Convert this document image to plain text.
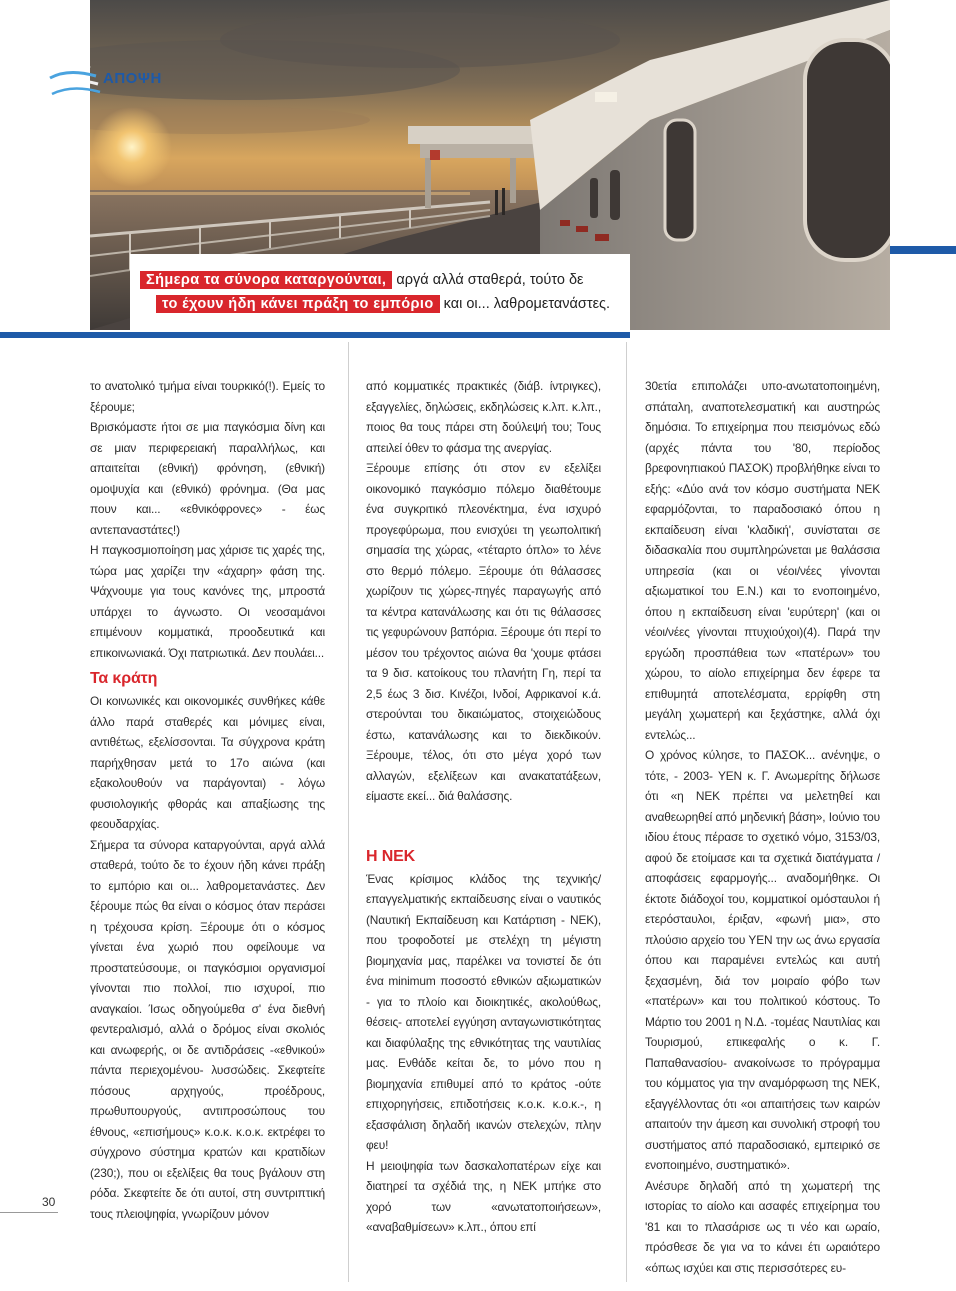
ΑΠΟΨΗ
Σήμερα τα σύνορα καταργούνται, αργά αλλά σταθερά, τούτο δε
το έχουν ήδη κάνει πράξη το εμπόριο και οι... λαθρομετανάστες.

το ανατολικό τμήμα είναι τουρκικό(!). Εμείς το ξέρουμε;

Βρισκόμαστε ήτοι σε μια παγκόσμια δίνη και σε μιαν περιφερειακή παραλλήλως, και απαιτείται (εθνική) φρόνηση, (εθνική) ομοψυχία και (εθνικό) φρόνημα. (Θα μας πουν και... «εθνικόφρονες» - έως αντεπαναστάτες!)

Η παγκοσμιοποίηση μας χάρισε τις χαρές της, τώρα μας χαρίζει την «άχαρη» φάση της. Ψάχνουμε για τους κανόνες της, μπροστά υπάρχει το άγνωστο. Οι νεοσαμάνοι επιμένουν κομματικά, προοδευτικά και επικοινωνιακά. Όχι πατριωτικά. Δεν πουλάει...

Τα κράτη

Οι κοινωνικές και οικονομικές συνθήκες κάθε άλλο παρά σταθερές και μόνιμες είναι, αντιθέτως, εξελίσσονται. Τα σύγχρονα κράτη παρήχθησαν μετά το 17ο αιώνα (και εξακολουθούν να παράγονται) - λόγω φυσιολογικής φθοράς και απαξίωσης της φεουδαρχίας.

Σήμερα τα σύνορα καταργούνται, αργά αλλά σταθερά, τούτο δε το έχουν ήδη κάνει πράξη το εμπόριο και οι... λαθρομετανάστες. Δεν ξέρουμε πώς θα είναι ο κόσμος όταν περάσει η τρέχουσα κρίση. Ξέρουμε ότι ο κόσμος γίνεται ένα χωριό που οφείλουμε να προστατεύσουμε, οι παγκόσμιοι οργανισμοί γίνονται πιο πολλοί, πιο ισχυροί, πιο αναγκαίοι. Ίσως οδηγούμεθα σ' ένα διεθνή φεντεραλισμό, αλλά ο δρόμος είναι σκολιός και ανωφερής, οι δε αντιδράσεις -«εθνικού» πάντα περιεχομένου- λυσσώδεις. Σκεφτείτε πόσους αρχηγούς, προέδρους, πρωθυπουργούς, αντιπροσώπους του έθνους, «επισήμους» κ.ο.κ. κ.ο.κ. εκτρέφει το σύγχρονο σύστημα κρατών και κρατιδίων (230;), που οι εξελίξεις θα τους βγάλουν στη ρόδα. Σκεφτείτε δε ότι αυτοί, στη συντριπτική τους πλειοψηφία, γνωρίζουν μόνον

από κομματικές πρακτικές (διάβ. ίντριγκες), εξαγγελίες, δηλώσεις, εκδηλώσεις κ.λπ. κ.λπ., ποιος θα τους πάρει στη δούλεψή του; Τους απειλεί όθεν το φάσμα της ανεργίας.

Ξέρουμε επίσης ότι στον εν εξελίξει οικονομικό παγκόσμιο πόλεμο διαθέτουμε ένα συγκριτικό πλεονέκτημα, ένα ισχυρό προγεφύρωμα, που ενισχύει τη γεωπολιτική σημασία της χώρας, «τέταρτο όπλο» το λένε στο θερμό πόλεμο. Ξέρουμε ότι θάλασσες χωρίζουν τις χώρες-πηγές παραγωγής από τα κέντρα κατανάλωσης και ότι τις θάλασσες τις γεφυρώνουν βαπόρια. Ξέρουμε ότι περί το μέσον του τρέχοντος αιώνα θα 'χουμε φτάσει τα 9 δισ. κατοίκους του πλανήτη Γη, περί τα 2,5 έως 3 δισ. Κινέζοι, Ινδοί, Αφρικανοί κ.ά. στερούνται του δικαιώματος, στοιχειώδους έστω, κατανάλωσης και το διεκδικούν. Ξέρουμε, τέλος, ότι στο μέγα χορό των αλλαγών, εξελίξεων και ανακατατάξεων, είμαστε εκεί... διά θαλάσσης.

Η ΝΕΚ

Ένας κρίσιμος κλάδος της τεχνικής/επαγγελματικής εκπαίδευσης είναι ο ναυτικός (Ναυτική Εκπαίδευση και Κατάρτιση - ΝΕΚ), που τροφοδοτεί με στελέχη τη μέγιστη βιομηχανία μας, παρέλκει να τονιστεί δε ότι ένα minimum ποσοστό εθνικών αξιωματικών - για το πλοίο και διοικητικές, ακολούθως, θέσεις- αποτελεί εγγύηση ανταγωνιστικότητας και διαφύλαξης της εθνικότητας της ναυτιλίας μας. Ενθάδε κείται δε, το μόνο που η βιομηχανία επιθυμεί από το κράτος -ούτε επιχορηγήσεις, επιδοτήσεις κ.ο.κ. κ.ο.κ.-, η εξασφάλιση δηλαδή ικανών στελεχών, πλην φευ!

Η μειοψηφία των δασκαλοπατέρων είχε και διατηρεί τα σχέδιά της, η ΝΕΚ μπήκε στο χορό των «ανωτατοποιήσεων», «αναβαθμίσεων» κ.λπ., όπου επί

30ετία επιπολάζει υπο-ανωτατοποιημένη, σπάταλη, αναποτελεσματική και αυστηρώς δημόσια. Το επιχείρημα που πεισμόνως εδώ (αρχές πάντα του '80, περίοδος βρεφονηπιακού ΠΑΣΟΚ) προβλήθηκε είναι το εξής: «Δύο ανά τον κόσμο συστήματα ΝΕΚ εφαρμόζονται, το παραδοσιακό όπου η εκπαίδευση είναι 'κλαδική', συνίσταται σε διδασκαλία που συμπληρώνεται με θαλάσσια υπηρεσία (και οι νέοι/νέες γίνονται αξιωματικοί του Ε.Ν.) και το ενοποιημένο, όπου η εκπαίδευση είναι 'ευρύτερη' (και οι νέοι/νέες γίνονται πτυχιούχοι)(4). Παρά την εργώδη προσπάθεια των «πατέρων» του χώρου, το αίολο επιχείρημα δεν έφερε τα επιθυμητά αποτελέσματα, ερρίφθη στη μεγάλη χωματερή και ξεχάστηκε, αλλά όχι εντελώς...

Ο χρόνος κύλησε, το ΠΑΣΟΚ... ανένηψε, ο τότε, - 2003- ΥΕΝ κ. Γ. Ανωμερίτης δήλωσε ότι «η ΝΕΚ πρέπει να μελετηθεί και αναθεωρηθεί από μηδενική βάση», Ιούνιο του ιδίου έτους πέρασε το σχετικό νόμο, 3153/03, αφού δε ετοίμασε και τα σχετικά διατάγματα / αποφάσεις εφαρμογής... αναδομήθηκε. Οι έκτοτε διάδοχοί του, κομματικοί ομόσταυλοι ή ετερόσταυλοι, έριξαν, «φωνή μια», στο πλούσιο αρχείο του ΥΕΝ την ως άνω εργασία όπου και παραμένει εντελώς και αυτή ξεχασμένη, διά τον μοιραίο φόβο των «πατέρων» και του πολιτικού κόστους. Το Μάρτιο του 2001 η Ν.Δ. -τομέας Ναυτιλίας και Τουρισμού, επικεφαλής ο κ. Γ. Παπαθανασίου- ανακοίνωσε το πρόγραμμα του κόμματος για την αναμόρφωση της ΝΕΚ, εξαγγέλλοντας ότι «οι απαιτήσεις των καιρών απαιτούν την άμεση και συνολική στροφή του συστήματος από παραδοσιακό, εμπειρικό σε ενοποιημένο, συστηματικό».

Ανέσυρε δηλαδή από τη χωματερή της ιστορίας το αίολο και ασαφές επιχείρημα του '81 και το πλασάρισε ως τι νέο και ωραίο, πρόσθεσε δε για να το κάνει έτι ωραιότερο «όπως ισχύει και στις περισσότερες ευ-

30
